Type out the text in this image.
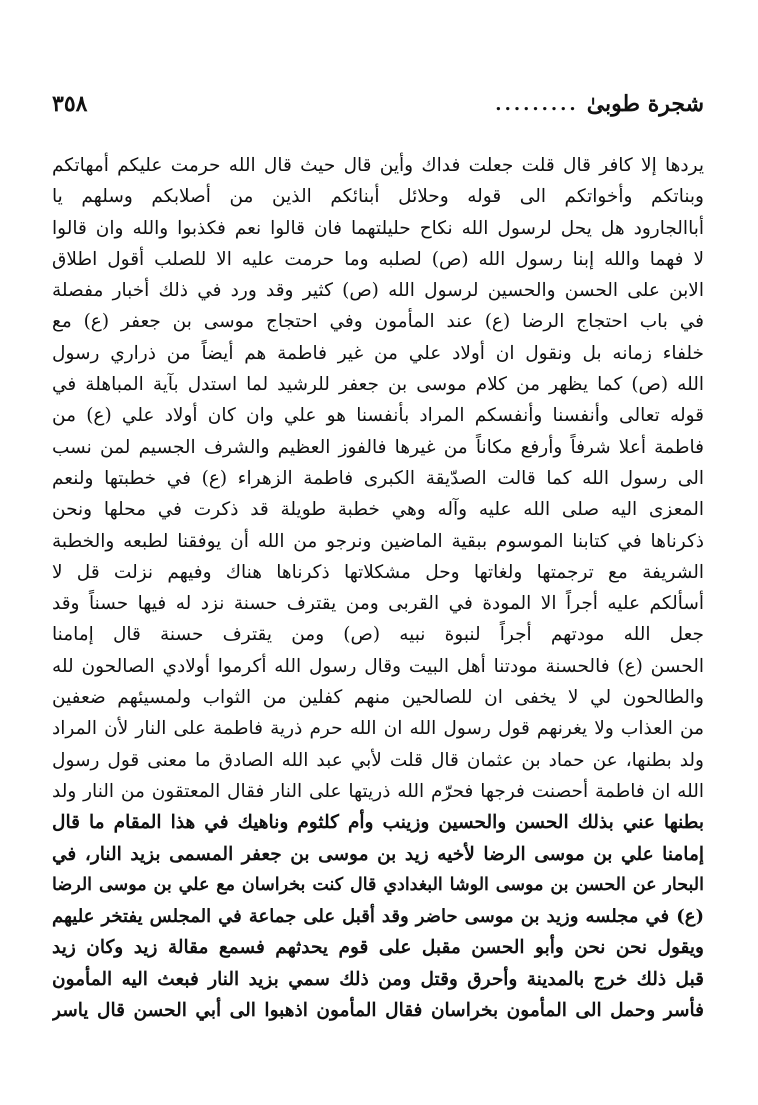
شجرة طوبىٰ
.........
٣٥٨
يردها إلا كافر قال قلت جعلت فداك وأين قال حيث قال الله حرمت عليكم أمهاتكم
وبناتكم وأخواتكم الى قوله وحلائل أبنائكم الذين من أصلابكم وسلهم يا
أباالجارود هل يحل لرسول الله نكاح حليلتهما فان قالوا نعم فكذبوا والله وان قالوا
لا فهما والله إبنا رسول الله (ص) لصلبه وما حرمت عليه الا للصلب أقول اطلاق
الابن على الحسن والحسين لرسول الله (ص) كثير وقد ورد في ذلك أخبار مفصلة
في باب احتجاج الرضا (ع) عند المأمون وفي احتجاج موسى بن جعفر (ع) مع
خلفاء زمانه بل ونقول ان أولاد علي من غير فاطمة هم أيضاً من ذراري رسول
الله (ص) كما يظهر من كلام موسى بن جعفر للرشيد لما استدل بآية المباهلة في
قوله تعالى وأنفسنا وأنفسكم المراد بأنفسنا هو علي وان كان أولاد علي (ع) من
فاطمة أعلا شرفاً وأرفع مكاناً من غيرها فالفوز العظيم والشرف الجسيم لمن نسب
الى رسول الله كما قالت الصدّيقة الكبرى فاطمة الزهراء (ع) في خطبتها ولنعم
المعزى اليه صلى الله عليه وآله وهي خطبة طويلة قد ذكرت في محلها ونحن
ذكرناها في كتابنا الموسوم ببقية الماضين ونرجو من الله أن يوفقنا لطبعه والخطبة
الشريفة مع ترجمتها ولغاتها وحل مشكلاتها ذكرناها هناك وفيهم نزلت قل لا
أسألكم عليه أجراً الا المودة في القربى ومن يقترف حسنة نزد له فيها حسناً وقد
جعل الله مودتهم أجراً لنبوة نبيه (ص) ومن يقترف حسنة قال إمامنا
الحسن (ع) فالحسنة مودتنا أهل البيت وقال رسول الله أكرموا أولادي الصالحون لله
والطالحون لي لا يخفى ان للصالحين منهم كفلين من الثواب ولمسيئهم ضعفين
من العذاب ولا يغرنهم قول رسول الله ان الله حرم ذرية فاطمة على النار لأن المراد
ولد بطنها، عن حماد بن عثمان قال قلت لأبي عبد الله الصادق ما معنى قول رسول
الله ان فاطمة أحصنت فرجها فحرّم الله ذريتها على النار فقال المعتقون من النار ولد
بطنها عني بذلك الحسن والحسين وزينب وأم كلثوم وناهيك في هذا المقام ما قال
إمامنا علي بن موسى الرضا لأخيه زيد بن موسى بن جعفر المسمى بزيد النار، في
البحار عن الحسن بن موسى الوشا البغدادي قال كنت بخراسان مع علي بن موسى الرضا
(ع) في مجلسه وزيد بن موسى حاضر وقد أقبل على جماعة في المجلس يفتخر عليهم
ويقول نحن نحن وأبو الحسن مقبل على قوم يحدثهم فسمع مقالة زيد وكان زيد
قبل ذلك خرج بالمدينة وأحرق وقتل ومن ذلك سمي بزيد النار فبعث اليه المأمون
فأسر وحمل الى المأمون بخراسان فقال المأمون اذهبوا الى أبي الحسن قال ياسر
